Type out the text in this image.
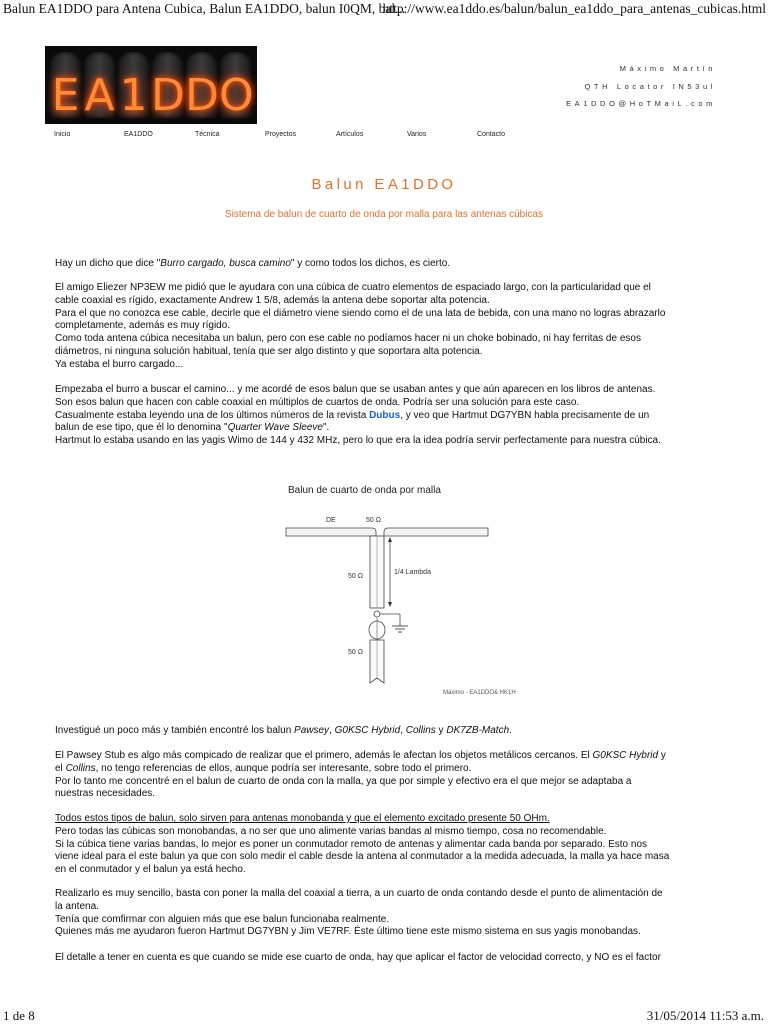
Balun EA1DDO para Antena Cubica, Balun EA1DDO, balun I0QM, bal...
http://www.ea1ddo.es/balun/balun_ea1ddo_para_antenas_cubicas.html
E A 1 D D O
Máximo Martín
QTH Locator IN53ul
EA1DDO@HoTMaiL.com
Inicio	EA1DDO	Técnica	Proyectos	Artículos	Varios	Contacto
Balun EA1DDO
Sistema de balun de cuarto de onda por malla para las antenas cúbicas

Hay un dicho que dice "Burro cargado, busca camino" y como todos los dichos, es cierto.

El amigo Eliezer NP3EW me pidió que le ayudara con una cúbica de cuatro elementos de espaciado largo, con la particularidad que el

cable coaxial es rígido, exactamente Andrew 1 5/8, además la antena debe soportar alta potencia.

Para el que no conozca ese cable, decirle que el diámetro viene siendo como el de una lata de bebida, con una mano no logras abrazarlo

completamente, además es muy rígido.

Como toda antena cúbica necesitaba un balun, pero con ese cable no podíamos hacer ni un choke bobinado, ni hay ferritas de esos

diámetros, ni ninguna solución habitual, tenía que ser algo distinto y que soportara alta potencia.

Ya estaba el burro cargado...

Empezaba el burro a buscar el camino... y me acordé de esos balun que se usaban antes y que aún aparecen en los libros de antenas.

Son esos balun que hacen con cable coaxial en múltiplos de cuartos de onda. Podría ser una solución para este caso.

Casualmente estaba leyendo una de los últimos números de la revista Dubus, y veo que Hartmut DG7YBN habla precisamente de un

balun de ese tipo, que él lo denomina "Quarter Wave Sleeve".

Hartmut lo estaba usando en las yagis Wimo de 144 y 432 MHz, pero lo que era la idea podría servir perfectamente para nuestra cúbica.

Balun de cuarto de onda por malla
DE	50 Ω
50 Ω
1/4 Lambda
50 Ω
Máximo - EA1DDO& HK1H

Investigué un poco más y también encontré los balun Pawsey, G0KSC Hybrid, Collins y DK7ZB-Match.

El Pawsey Stub es algo más compicado de realizar que el primero, además le afectan los objetos metálicos cercanos. El G0KSC Hybrid y

el Collins, no tengo referencias de ellos, aunque podría ser interesante, sobre todo el primero.

Por lo tanto me concentré en el balun de cuarto de onda con la malla, ya que por simple y efectivo era el que mejor se adaptaba a

nuestras necesidades.

Todos estos tipos de balun, solo sirven para antenas monobanda y que el elemento excitado presente 50 OHm.

Pero todas las cúbicas son monobandas, a no ser que uno alimente varias bandas al mismo tiempo, cosa no recomendable.

Si la cúbica tiene varias bandas, lo mejor es poner un conmutador remoto de antenas y alimentar cada banda por separado. Esto nos

viene ideal para el este balun ya que con solo medir el cable desde la antena al conmutador a la medida adecuada, la malla ya hace masa

en el conmutador y el balun ya está hecho.

Realizarlo es muy sencillo, basta con poner la malla del coaxial a tierra, a un cuarto de onda contando desde el punto de alimentación de

la antena.

Tenía que comfirmar con alguien más que ese balun funcionaba realmente.

Quienes más me ayudaron fueron Hartmut DG7YBN y Jim VE7RF. Éste último tiene este mismo sistema en sus yagis monobandas.

El detalle a tener en cuenta es que cuando se mide ese cuarto de onda, hay que aplicar el factor de velocidad correcto, y NO es el factor

1 de 8	31/05/2014 11:53 a.m.
